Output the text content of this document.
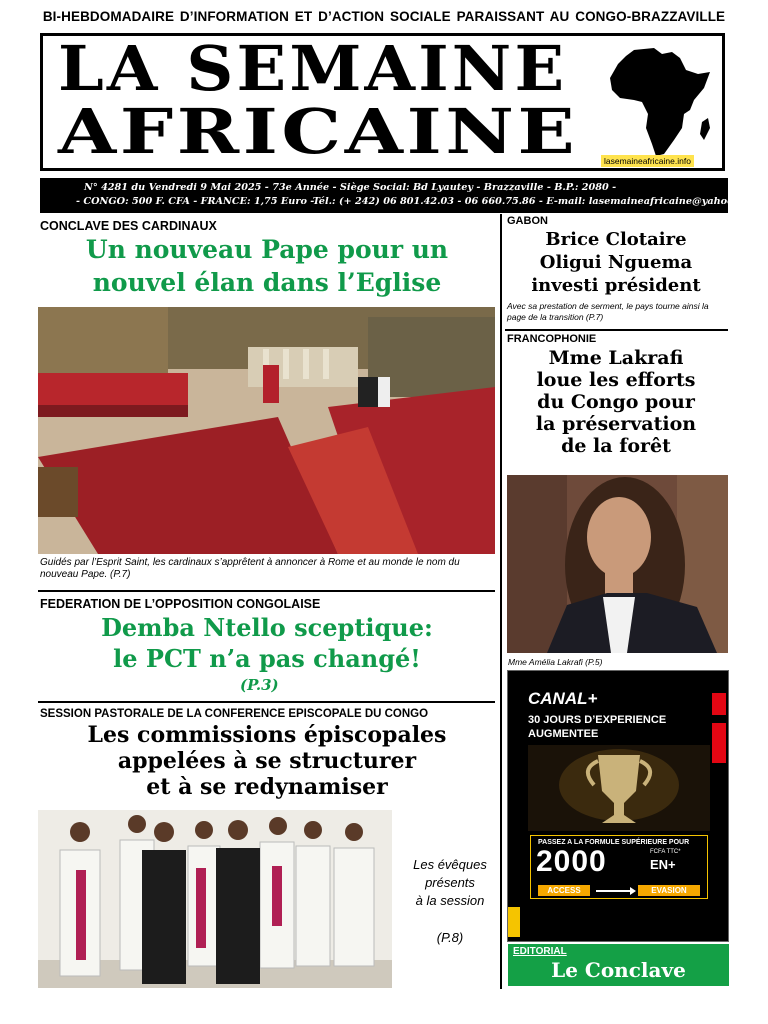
BI-HEBDOMADAIRE D’INFORMATION ET D’ACTION SOCIALE PARAISSANT AU CONGO-BRAZZAVILLE
LA SEMAINE
AFRICAINE	lasemaineafricaine.info
N° 4281 du Vendredi 9 Mai 2025 - 73e Année - Siège Social: Bd Lyautey - Brazzaville - B.P.: 2080 -
- CONGO: 500 F. CFA - FRANCE: 1,75 Euro -Tél.: (+ 242) 06 801.42.03 - 06 660.75.86 - E-mail: lasemaineafricaine@yahoo.fr
CONCLAVE DES CARDINAUX
Un nouveau Pape pour un
nouvel élan dans l’Eglise
Guidés par l’Esprit Saint, les cardinaux s’apprêtent à annoncer à Rome et au monde le nom du nouveau Pape. (P.7)
FEDERATION DE L’OPPOSITION CONGOLAISE
Demba Ntello sceptique:
le PCT n’a pas changé!
(P.3)
SESSION PASTORALE DE LA CONFERENCE EPISCOPALE DU CONGO
Les commissions épiscopales
appelées à se structurer
et à se redynamiser
Les évêques
présents
à la session
(P.8)
GABON
Brice Clotaire
Oligui Nguema
investi président
Avec sa prestation de serment, le pays tourne ainsi la page de la transition (P.7)
FRANCOPHONIE
Mme Lakrafi
loue les efforts
du Congo pour
la préservation
de la forêt
Mme Amélia Lakrafi (P.5)
CANAL+
30 JOURS D’EXPERIENCE
AUGMENTEE
PASSEZ A LA FORMULE SUPÉRIEURE POUR
2000	FCFA TTC*
EN+
ACCESS	EVASION
EDITORIAL
Le Conclave
